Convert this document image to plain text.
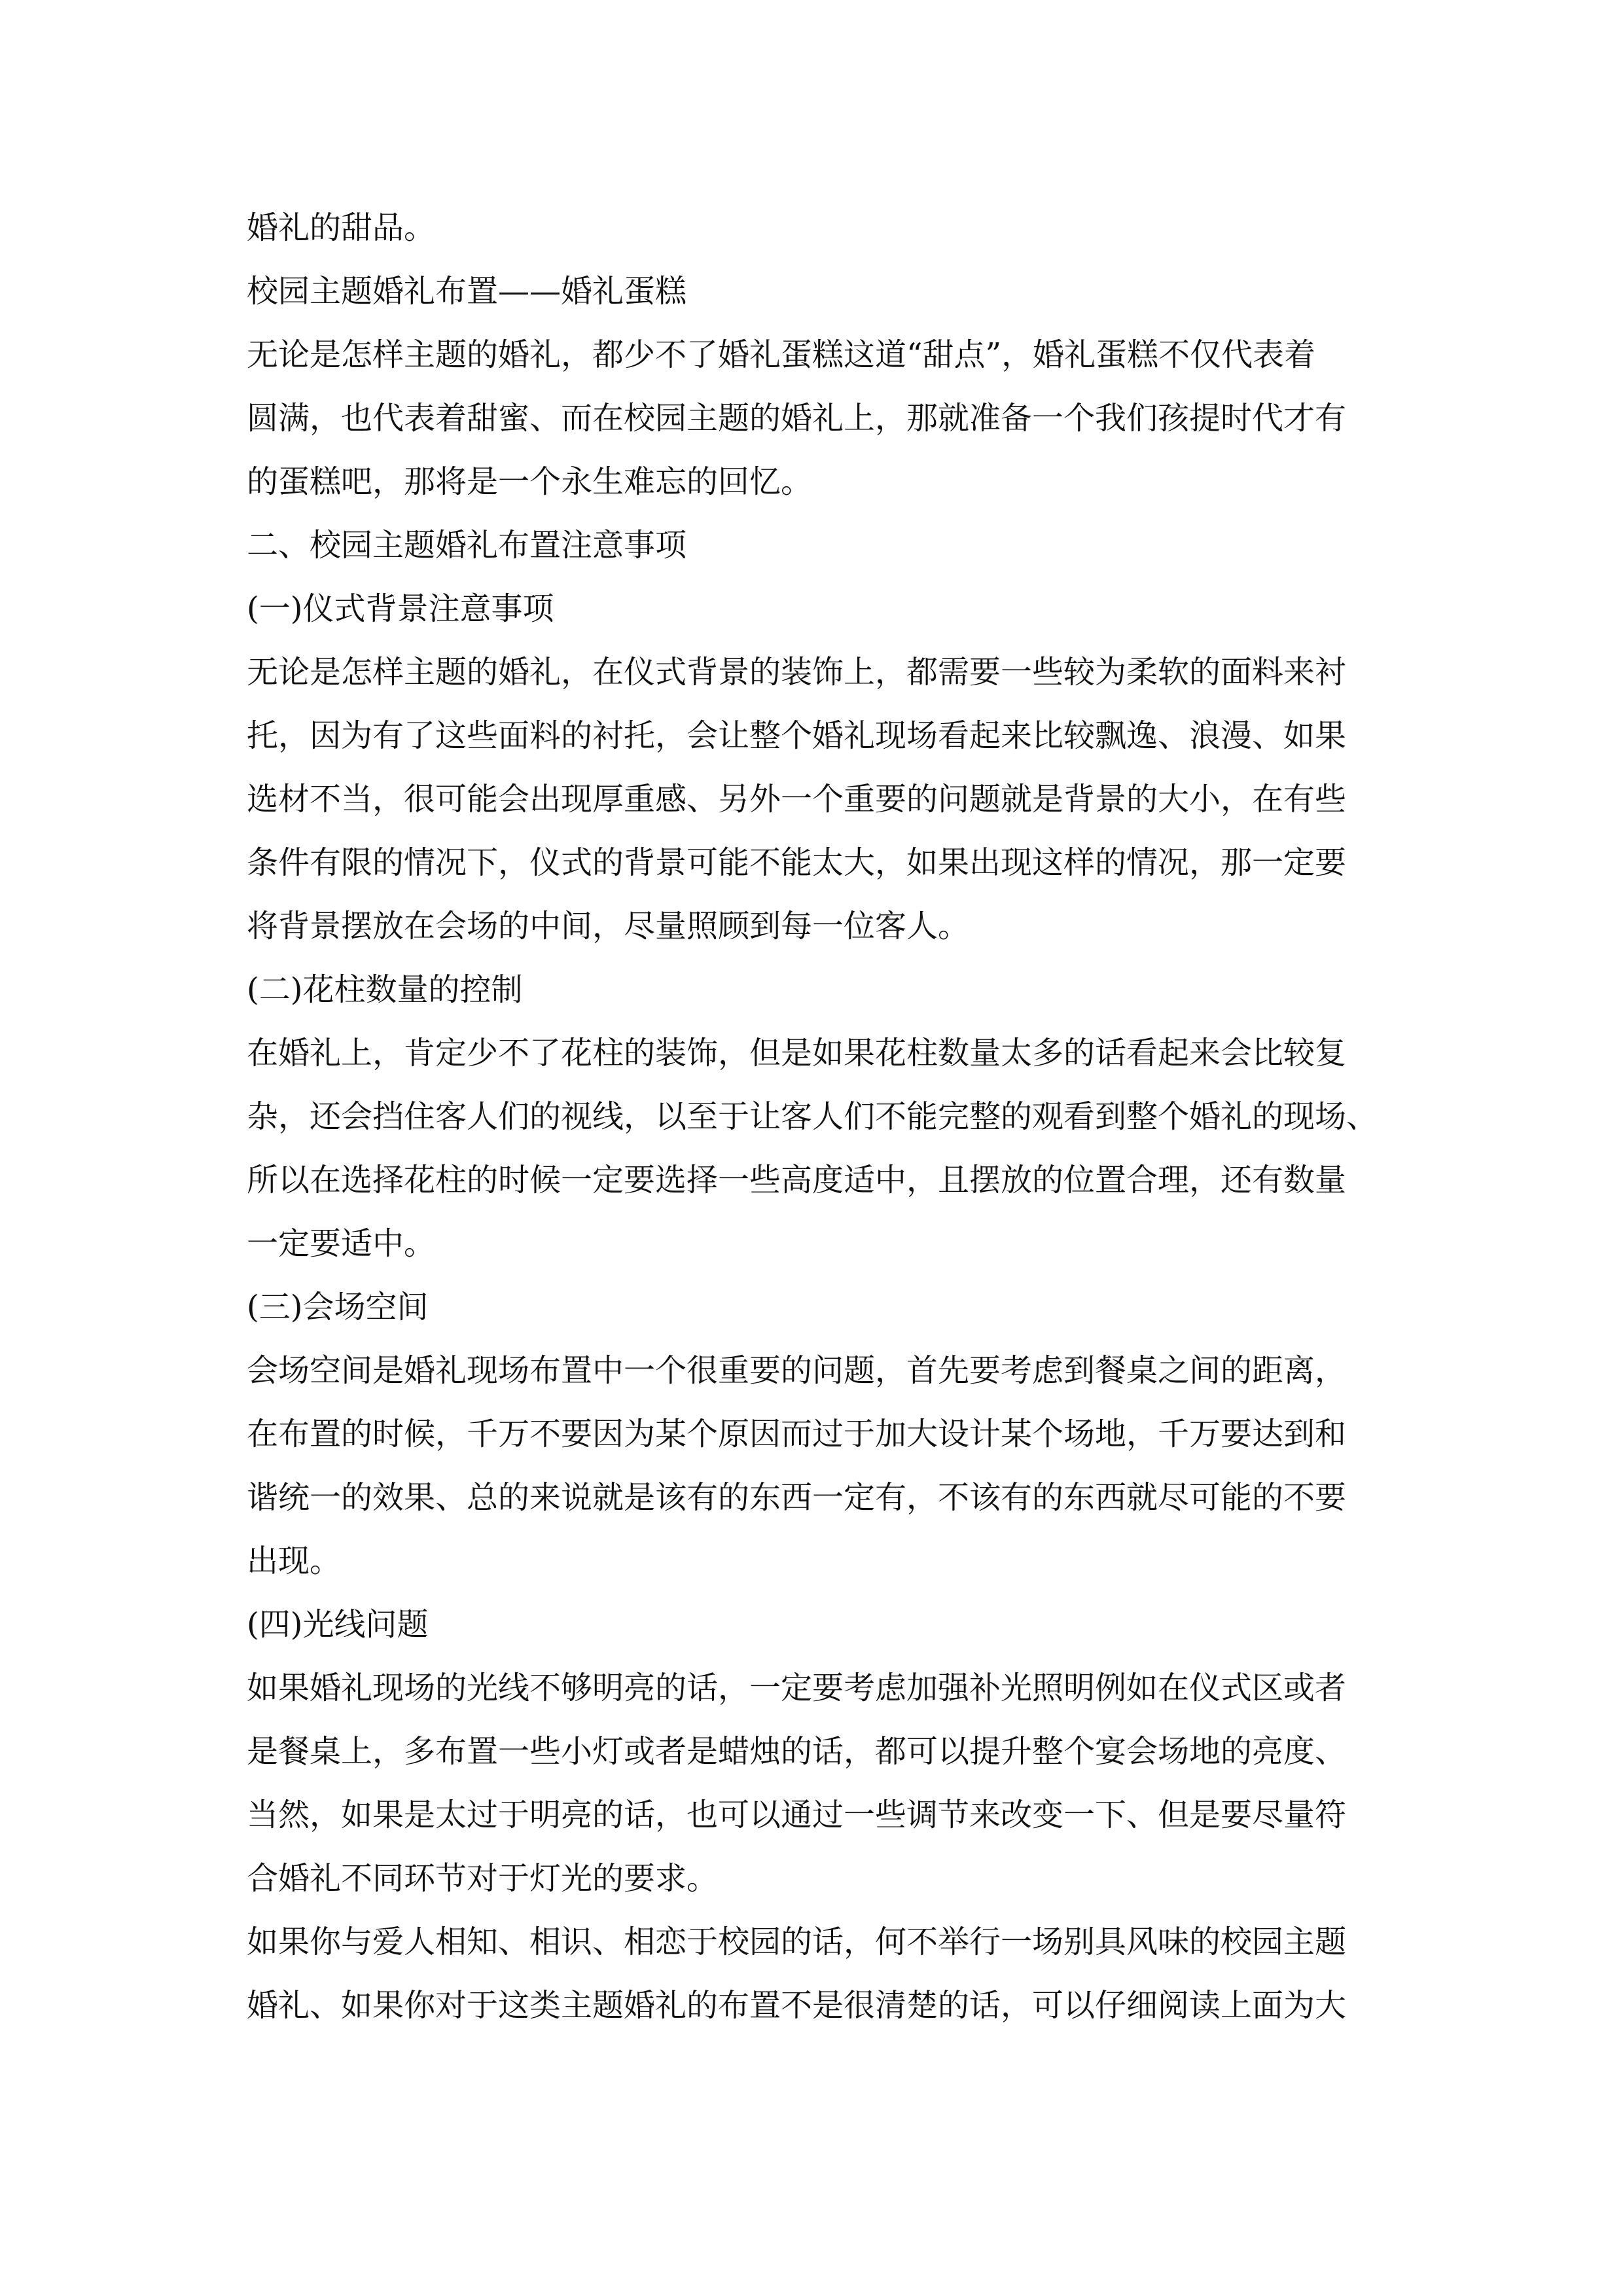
婚礼的甜品。
校园主题婚礼布置——婚礼蛋糕
无论是怎样主题的婚礼，都少不了婚礼蛋糕这道“甜点”，婚礼蛋糕不仅代表着
圆满，也代表着甜蜜、而在校园主题的婚礼上，那就准备一个我们孩提时代才有
的蛋糕吧，那将是一个永生难忘的回忆。
二、校园主题婚礼布置注意事项
(一)仪式背景注意事项
无论是怎样主题的婚礼，在仪式背景的装饰上，都需要一些较为柔软的面料来衬
托，因为有了这些面料的衬托，会让整个婚礼现场看起来比较飘逸、浪漫、如果
选材不当，很可能会出现厚重感、另外一个重要的问题就是背景的大小，在有些
条件有限的情况下，仪式的背景可能不能太大，如果出现这样的情况，那一定要
将背景摆放在会场的中间，尽量照顾到每一位客人。
(二)花柱数量的控制
在婚礼上，肯定少不了花柱的装饰，但是如果花柱数量太多的话看起来会比较复
杂，还会挡住客人们的视线，以至于让客人们不能完整的观看到整个婚礼的现场、
所以在选择花柱的时候一定要选择一些高度适中，且摆放的位置合理，还有数量
一定要适中。
(三)会场空间
会场空间是婚礼现场布置中一个很重要的问题，首先要考虑到餐桌之间的距离，
在布置的时候，千万不要因为某个原因而过于加大设计某个场地，千万要达到和
谐统一的效果、总的来说就是该有的东西一定有，不该有的东西就尽可能的不要
出现。
(四)光线问题
如果婚礼现场的光线不够明亮的话，一定要考虑加强补光照明例如在仪式区或者
是餐桌上，多布置一些小灯或者是蜡烛的话，都可以提升整个宴会场地的亮度、
当然，如果是太过于明亮的话，也可以通过一些调节来改变一下、但是要尽量符
合婚礼不同环节对于灯光的要求。
如果你与爱人相知、相识、相恋于校园的话，何不举行一场别具风味的校园主题
婚礼、如果你对于这类主题婚礼的布置不是很清楚的话，可以仔细阅读上面为大
